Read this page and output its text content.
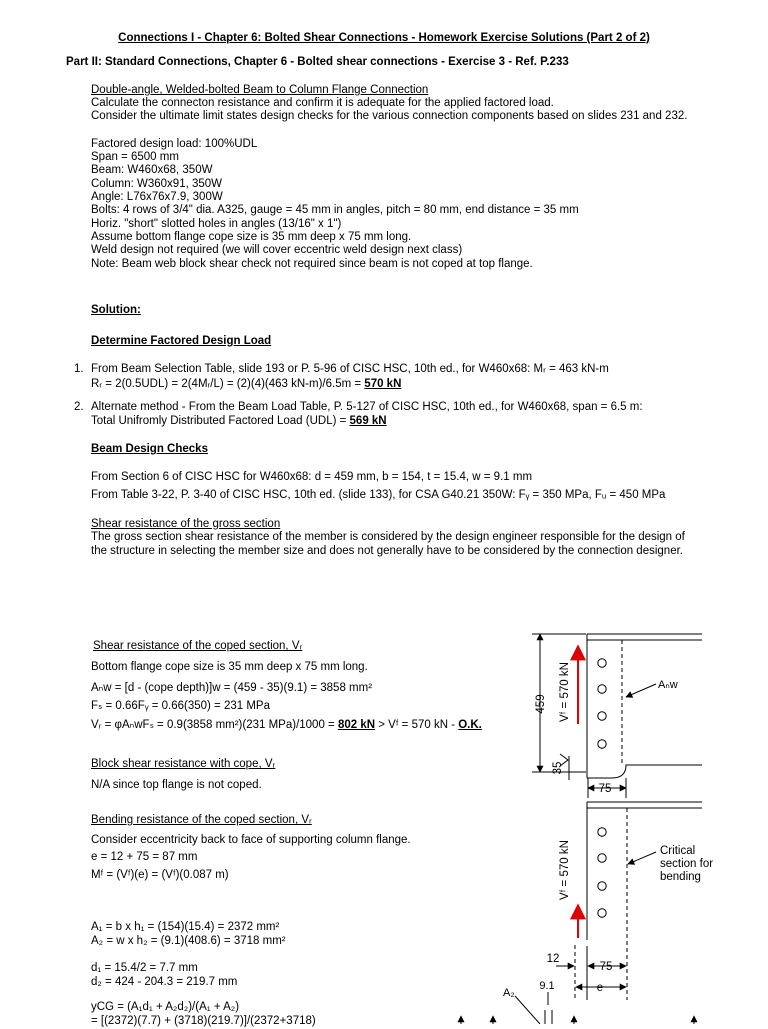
Connections I - Chapter 6: Bolted Shear Connections - Homework Exercise Solutions (Part 2 of 2)
Part II: Standard Connections, Chapter 6 - Bolted shear connections - Exercise 3 - Ref. P.233
Double-angle, Welded-bolted Beam to Column Flange Connection
Calculate the connecton resistance and confirm it is adequate for the applied factored load.
Consider the ultimate limit states design checks for the various connection components based on slides 231 and 232.
Factored design load: 100%UDL
Span = 6500 mm
Beam: W460x68, 350W
Column: W360x91, 350W
Angle: L76x76x7.9, 300W
Bolts: 4 rows of 3/4" dia. A325, gauge = 45 mm in angles, pitch = 80 mm, end distance = 35 mm
Horiz. "short" slotted holes in angles (13/16" x 1")
Assume bottom flange cope size is 35 mm deep x 75 mm long.
Weld design not required (we will cover eccentric weld design next class)
Note: Beam web block shear check not required since beam is not coped at top flange.
Solution:
Determine Factored Design Load
1. From Beam Selection Table, slide 193 or P. 5-96 of CISC HSC, 10th ed., for W460x68: Mᵣ = 463 kN-m
Rᵣ = 2(0.5UDL) = 2(4Mᵣ/L) = (2)(4)(463 kN-m)/6.5m = 570 kN
2. Alternate method - From the Beam Load Table, P. 5-127 of CISC HSC, 10th ed., for W460x68, span = 6.5 m:
Total Unifromly Distributed Factored Load (UDL) = 569 kN
Beam Design Checks
From Section 6 of CISC HSC for W460x68: d = 459 mm, b = 154, t = 15.4, w = 9.1 mm
From Table 3-22, P. 3-40 of CISC HSC, 10th ed. (slide 133), for CSA G40.21 350W: Fᵧ = 350 MPa, Fᵤ = 450 MPa
Shear resistance of the gross section
The gross section shear resistance of the member is considered by the design engineer responsible for the design of
the structure in selecting the member size and does not generally have to be considered by the connection designer.
Shear resistance of the coped section, Vᵣ
Bottom flange cope size is 35 mm deep x 75 mm long.
Aₙw = [d - (cope depth)]w = (459 - 35)(9.1) = 3858 mm²
Fₛ = 0.66Fᵧ = 0.66(350) = 231 MPa
Vᵣ = φAₙwFₛ = 0.9(3858 mm²)(231 MPa)/1000 = 802 kN > Vᶠ = 570 kN - O.K.
Block shear resistance with cope, Vᵣ
N/A since top flange is not coped.
Bending resistance of the coped section, Vᵣ
Consider eccentricity back to face of supporting column flange.
e = 12 + 75 = 87 mm
Mᶠ = (Vᶠ)(e) = (Vᶠ)(0.087 m)
A₁ = b x h₁ = (154)(15.4) = 2372 mm²
A₂ = w x h₂ = (9.1)(408.6) = 3718 mm²
d₁ = 15.4/2 = 7.7 mm
d₂ = 424 - 204.3 = 219.7 mm
yCG = (A₁d₁ + A₂d₂)/(A₁ + A₂)
= [(2372)(7.7) + (3718)(219.7)]/(2372+3718)
459
35
75
Vᶠ = 570 kN	Aₙw
Vᶠ = 570 kN	Critical
section for
bending
12
75
9.1	e
A₂
